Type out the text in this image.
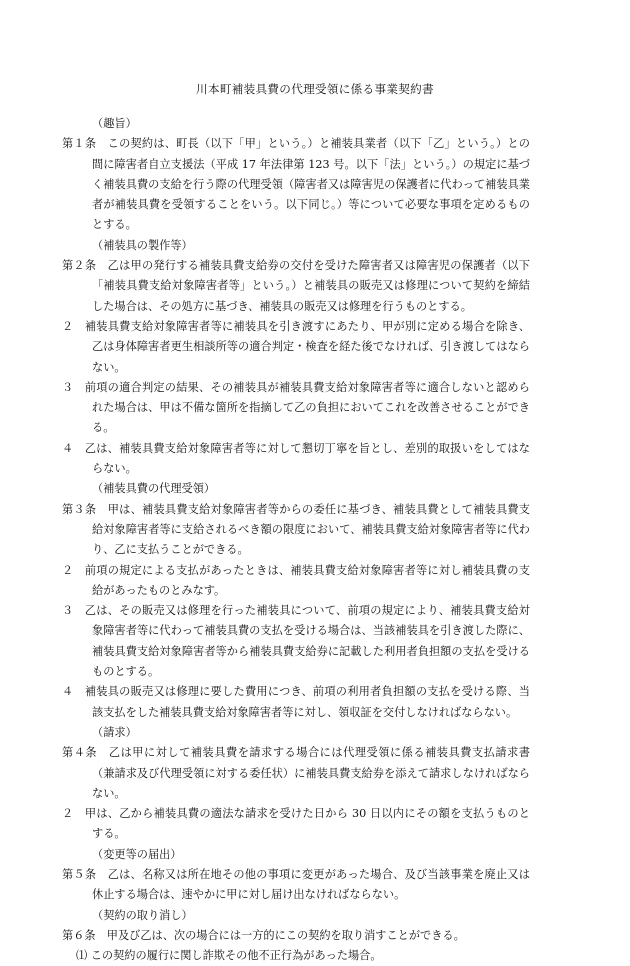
川本町補装具費の代理受領に係る事業契約書
（趣旨）
第１条　この契約は、町長（以下「甲」という。）と補装具業者（以下「乙」という。）との間に障害者自立支援法（平成 17 年法律第 123 号。以下「法」という。）の規定に基づく補装具費の支給を行う際の代理受領（障害者又は障害児の保護者に代わって補装具業者が補装具費を受領することをいう。以下同じ。）等について必要な事項を定めるものとする。
（補装具の製作等）
第２条　乙は甲の発行する補装具費支給券の交付を受けた障害者又は障害児の保護者（以下「補装具費支給対象障害者等」という。）と補装具の販売又は修理について契約を締結した場合は、その処方に基づき、補装具の販売又は修理を行うものとする。
２　補装具費支給対象障害者等に補装具を引き渡すにあたり、甲が別に定める場合を除き、乙は身体障害者更生相談所等の適合判定・検査を経た後でなければ、引き渡してはならない。
３　前項の適合判定の結果、その補装具が補装具費支給対象障害者等に適合しないと認められた場合は、甲は不備な箇所を指摘して乙の負担においてこれを改善させることができる。
４　乙は、補装具費支給対象障害者等に対して懇切丁寧を旨とし、差別的取扱いをしてはならない。
（補装具費の代理受領）
第３条　甲は、補装具費支給対象障害者等からの委任に基づき、補装具費として補装具費支給対象障害者等に支給されるべき額の限度において、補装具費支給対象障害者等に代わり、乙に支払うことができる。
２　前項の規定による支払があったときは、補装具費支給対象障害者等に対し補装具費の支給があったものとみなす。
３　乙は、その販売又は修理を行った補装具について、前項の規定により、補装具費支給対象障害者等に代わって補装具費の支払を受ける場合は、当該補装具を引き渡した際に、補装具費支給対象障害者等から補装具費支給券に記載した利用者負担額の支払を受けるものとする。
４　補装具の販売又は修理に要した費用につき、前項の利用者負担額の支払を受ける際、当該支払をした補装具費支給対象障害者等に対し、領収証を交付しなければならない。
（請求）
第４条　乙は甲に対して補装具費を請求する場合には代理受領に係る補装具費支払請求書（兼請求及び代理受領に対する委任状）に補装具費支給券を添えて請求しなければならない。
２　甲は、乙から補装具費の適法な請求を受けた日から 30 日以内にその額を支払うものとする。
（変更等の届出）
第５条　乙は、名称又は所在地その他の事項に変更があった場合、及び当該事業を廃止又は休止する場合は、速やかに甲に対し届け出なければならない。
（契約の取り消し）
第６条　甲及び乙は、次の場合には一方的にこの契約を取り消すことができる。
⑴ この契約の履行に関し詐欺その他不正行為があった場合。
